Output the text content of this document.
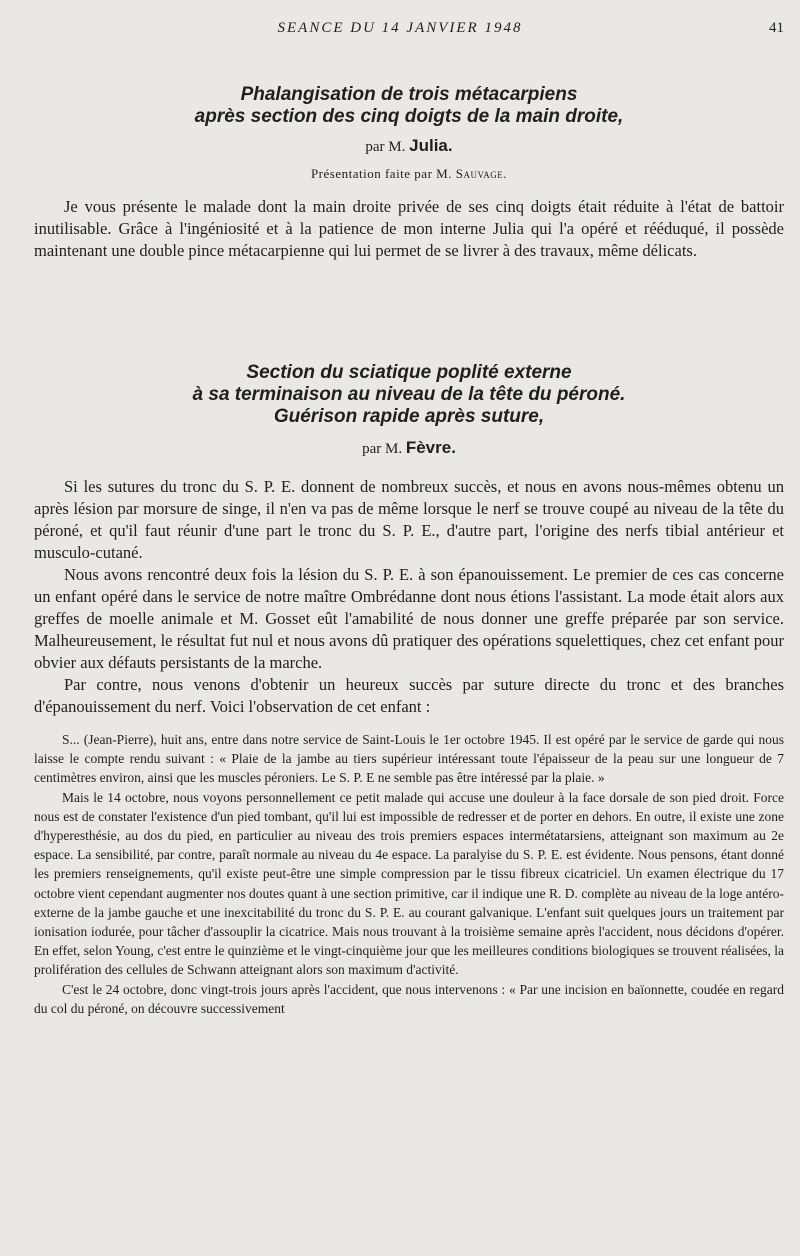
SEANCE DU 14 JANVIER 1948	41
Phalangisation de trois métacarpiens
après section des cinq doigts de la main droite,
par M. Julia.
Présentation faite par M. Sauvage.

Je vous présente le malade dont la main droite privée de ses cinq doigts était réduite à l'état de battoir inutilisable. Grâce à l'ingéniosité et à la patience de mon interne Julia qui l'a opéré et rééduqué, il possède maintenant une double pince métacarpienne qui lui permet de se livrer à des travaux, même délicats.

Section du sciatique poplité externe
à sa terminaison au niveau de la tête du péroné.
Guérison rapide après suture,
par M. Fèvre.

Si les sutures du tronc du S. P. E. donnent de nombreux succès, et nous en avons nous-mêmes obtenu un après lésion par morsure de singe, il n'en va pas de même lorsque le nerf se trouve coupé au niveau de la tête du péroné, et qu'il faut réunir d'une part le tronc du S. P. E., d'autre part, l'origine des nerfs tibial antérieur et musculo-cutané.

Nous avons rencontré deux fois la lésion du S. P. E. à son épanouissement. Le premier de ces cas concerne un enfant opéré dans le service de notre maître Ombrédanne dont nous étions l'assistant. La mode était alors aux greffes de moelle animale et M. Gosset eût l'amabilité de nous donner une greffe préparée par son service. Malheureusement, le résultat fut nul et nous avons dû pratiquer des opérations squelettiques, chez cet enfant pour obvier aux défauts persistants de la marche.

Par contre, nous venons d'obtenir un heureux succès par suture directe du tronc et des branches d'épanouissement du nerf. Voici l'observation de cet enfant :

S... (Jean-Pierre), huit ans, entre dans notre service de Saint-Louis le 1er octobre 1945. Il est opéré par le service de garde qui nous laisse le compte rendu suivant : « Plaie de la jambe au tiers supérieur intéressant toute l'épaisseur de la peau sur une longueur de 7 centimètres environ, ainsi que les muscles péroniers. Le S. P. E ne semble pas être intéressé par la plaie. »

Mais le 14 octobre, nous voyons personnellement ce petit malade qui accuse une douleur à la face dorsale de son pied droit. Force nous est de constater l'existence d'un pied tombant, qu'il lui est impossible de redresser et de porter en dehors. En outre, il existe une zone d'hyperesthésie, au dos du pied, en particulier au niveau des trois premiers espaces intermétatarsiens, atteignant son maximum au 2e espace. La sensibilité, par contre, paraît normale au niveau du 4e espace. La paralyise du S. P. E. est évidente. Nous pensons, étant donné les premiers renseignements, qu'il existe peut-être une simple compression par le tissu fibreux cicatriciel. Un examen électrique du 17 octobre vient cependant augmenter nos doutes quant à une section primitive, car il indique une R. D. complète au niveau de la loge antéro-externe de la jambe gauche et une inexcitabilité du tronc du S. P. E. au courant galvanique. L'enfant suit quelques jours un traitement par ionisation iodurée, pour tâcher d'assouplir la cicatrice. Mais nous trouvant à la troisième semaine après l'accident, nous décidons d'opérer. En effet, selon Young, c'est entre le quinzième et le vingt-cinquième jour que les meilleures conditions biologiques se trouvent réalisées, la prolifération des cellules de Schwann atteignant alors son maximum d'activité.

C'est le 24 octobre, donc vingt-trois jours après l'accident, que nous intervenons : « Par une incision en baïonnette, coudée en regard du col du péroné, on découvre successivement
